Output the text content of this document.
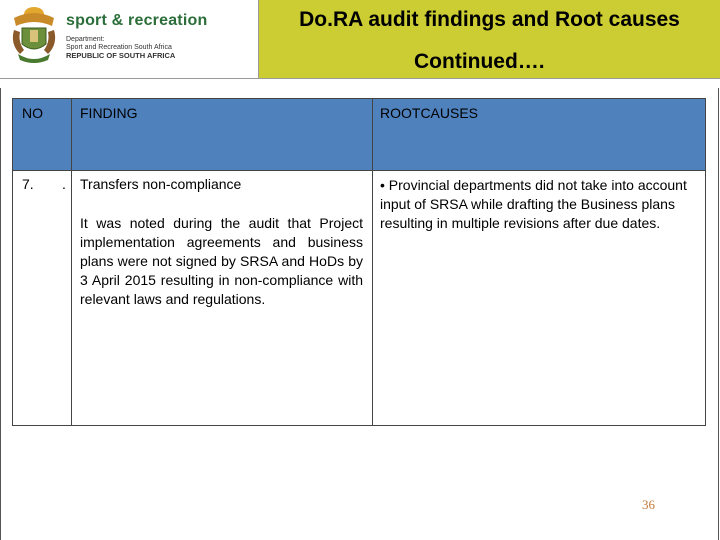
sport & recreation
Department:
Sport and Recreation South Africa
REPUBLIC OF SOUTH AFRICA
Do.RA audit findings and Root causes
Continued….
NO	FINDING	ROOTCAUSES
7. . Transfers non-compliance
It was noted during the audit that Project implementation agreements and business plans were not signed by SRSA and HoDs by 3 April 2015 resulting in non-compliance with relevant laws and regulations.
• Provincial departments did not take into account input of SRSA while drafting the Business plans resulting in multiple revisions after due dates.
36
